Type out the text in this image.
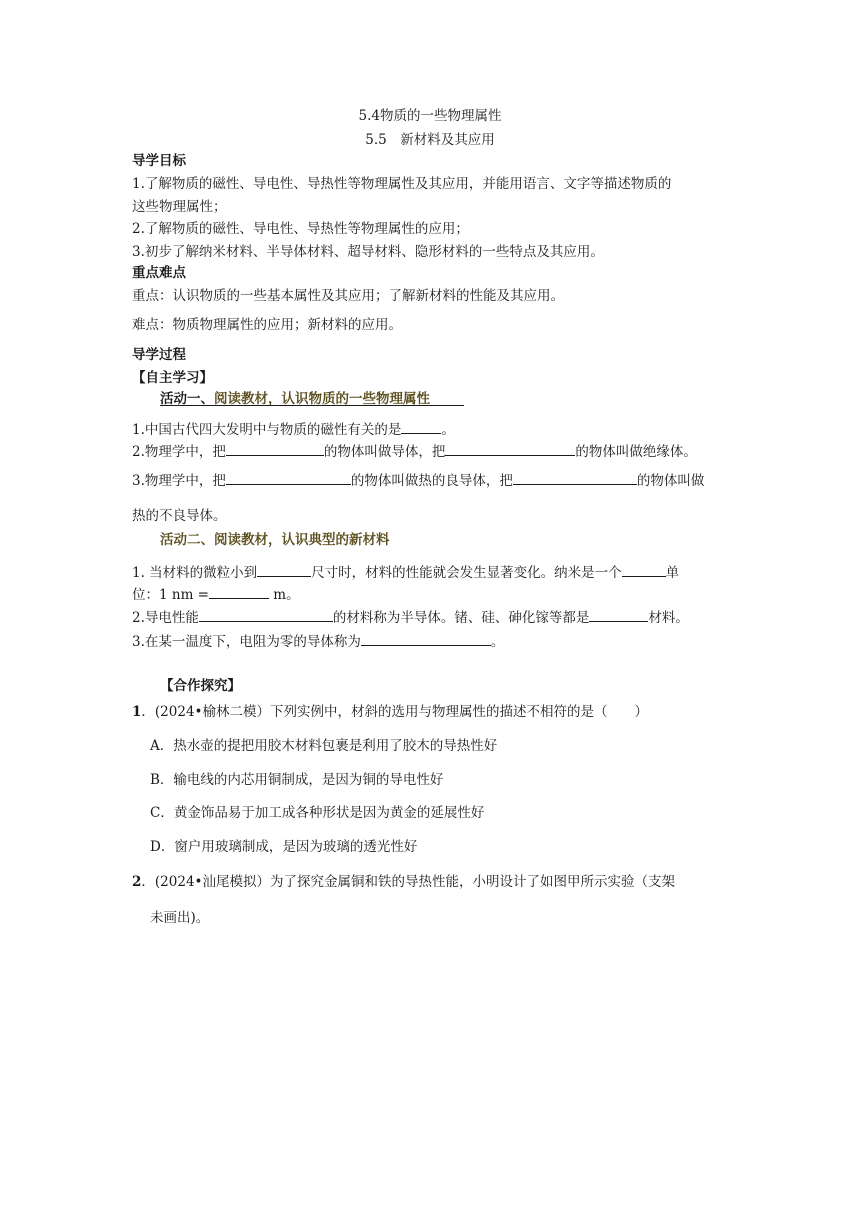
5.4物质的一些物理属性
5.5　新材料及其应用
导学目标
1.了解物质的磁性、导电性、导热性等物理属性及其应用，并能用语言、文字等描述物质的
这些物理属性；
2.了解物质的磁性、导电性、导热性等物理属性的应用；
3.初步了解纳米材料、半导体材料、超导材料、隐形材料的一些特点及其应用。
重点难点
重点：认识物质的一些基本属性及其应用；了解新材料的性能及其应用。
难点：物质物理属性的应用；新材料的应用。
导学过程
【自主学习】
活动一、阅读教材，认识物质的一些物理属性
1.中国古代四大发明中与物质的磁性有关的是	。
2.物理学中，把	的物体叫做导体，把	的物体叫做绝缘体。
3.物理学中，把	的物体叫做热的良导体，把	的物体叫做
热的不良导体。
活动二、阅读教材，认识典型的新材料
1. 当材料的微粒小到	尺寸时，材料的性能就会发生显著变化。纳米是一个	单
位：1 nm =	m。
2.导电性能	的材料称为半导体。锗、硅、砷化镓等都是	材料。
3.在某一温度下，电阻为零的导体称为	。
【合作探究】
1．(2024•榆林二模）下列实例中，材斜的选用与物理属性的描述不相符的是（　　）
A．热水壶的提把用胶木材料包裹是利用了胶木的导热性好
B．输电线的内芯用铜制成，是因为铜的导电性好
C．黄金饰品易于加工成各种形状是因为黄金的延展性好
D．窗户用玻璃制成，是因为玻璃的透光性好
2．(2024•汕尾模拟）为了探究金属铜和铁的导热性能，小明设计了如图甲所示实验（支架
未画出)。
